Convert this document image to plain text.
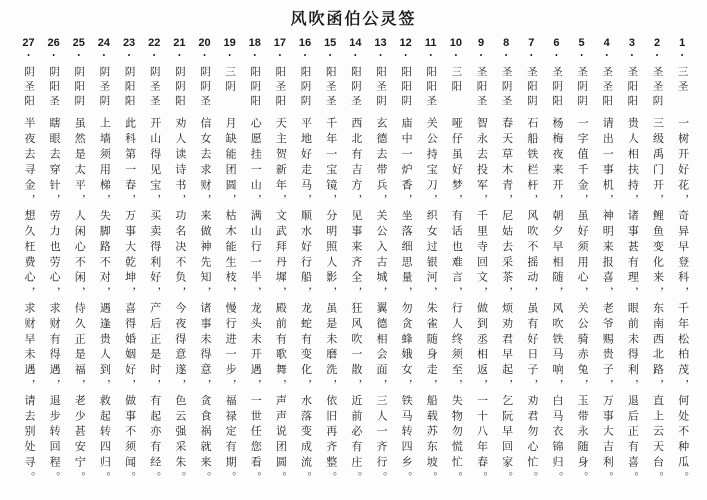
风吹函伯公灵签
27
•阴圣阳
半夜去寻金，想久枉费心，求财早未遇，请去别处寻。
26
•阴阳圣
瞎眼去穿针，劳力也劳心，求财有得遇，退步转回程。
25
•阴阳阴
虽然是太平，人闲心不闲，侍久正是福，老少甚安宁。
24
•阴圣阴
上墙须用梯，失脚路不对，遇逢贵人到，救起转四归。
23
•阴阳阳
此科第一春，万事大乾坤，喜得婚姻好，做事不须闻。
22
•阴圣圣
开山得见宝，买卖得利好，产后正是时，有起亦有经。
21
•阴阴阳
劝人读诗书，功名决不负，今夜得意遂，色云强采朱。
20
•阴阴圣
信女去求财，来做神先知，诸事未得意，贪食祸就来。
19
•三阴
月缺能团圆，枯木能生枝，慢行进一步，福禄定有期。
18
•阳阴阳
心愿挂一山，满山行一半，龙头未开遇，一世任您看。
17
•阳圣阳
天主贺新年，文武拜丹墀，殿前有歌舞，声声说团圆。
16
•阳阴阴
平地好走马，顺水好行船，龙蛇有变化，水落变成流。
15
•阳圣圣
千年一宝镜，分明照人影，虽是未磨洗，依旧再齐整。
14
•阳阴圣
西北有吉方，见事来齐全，狂风吹一散，近前必有庄。
13
•阳圣阴
玄德去带兵，关公入古城，翼德相会面，三人一齐行。
12
•阳阳阴
庙中一炉香，坐落细思量，勿贪蜂娥女，铁马转四乡。
11
•阳阳圣
关公持宝刀，织女过银河，朱雀随身走，船载苏东坡。
10
•三阳
哑仔虽好梦，有话也难言，行人终须至，失物勿慌忙。
9
•圣阳圣
智永去投军，千里寺回文，做到丞相返，一十八年春。
8
•圣阴圣
春天草木青，尼姑去采茶，烦劝君早起，乞阮早回家。
7
•圣阳阴
石船铁栏杆，风吹不摇动，虽有好日子，劝君勿心忙。
6
•圣阴阳
杨梅夜来开，朝夕早相随，风吹铁马响，白马衣锦归。
5
•圣阴阴
一字值千金，虽好须用心，关公骑赤兔，玉带永随身。
4
•圣圣阳
请出一事机，神明来报喜，老爷赐贵子，万事大吉利。
3
•圣阳阳
贵人相扶持，诸事甚有理，眼前未得利，退后正有喜。
2
•圣圣阴
三级禹门开，鲤鱼变化来，东南西北路，直上云天台。
1
•三圣
一树开好花，奇异早登科，千年松柏茂，何处不种瓜。
